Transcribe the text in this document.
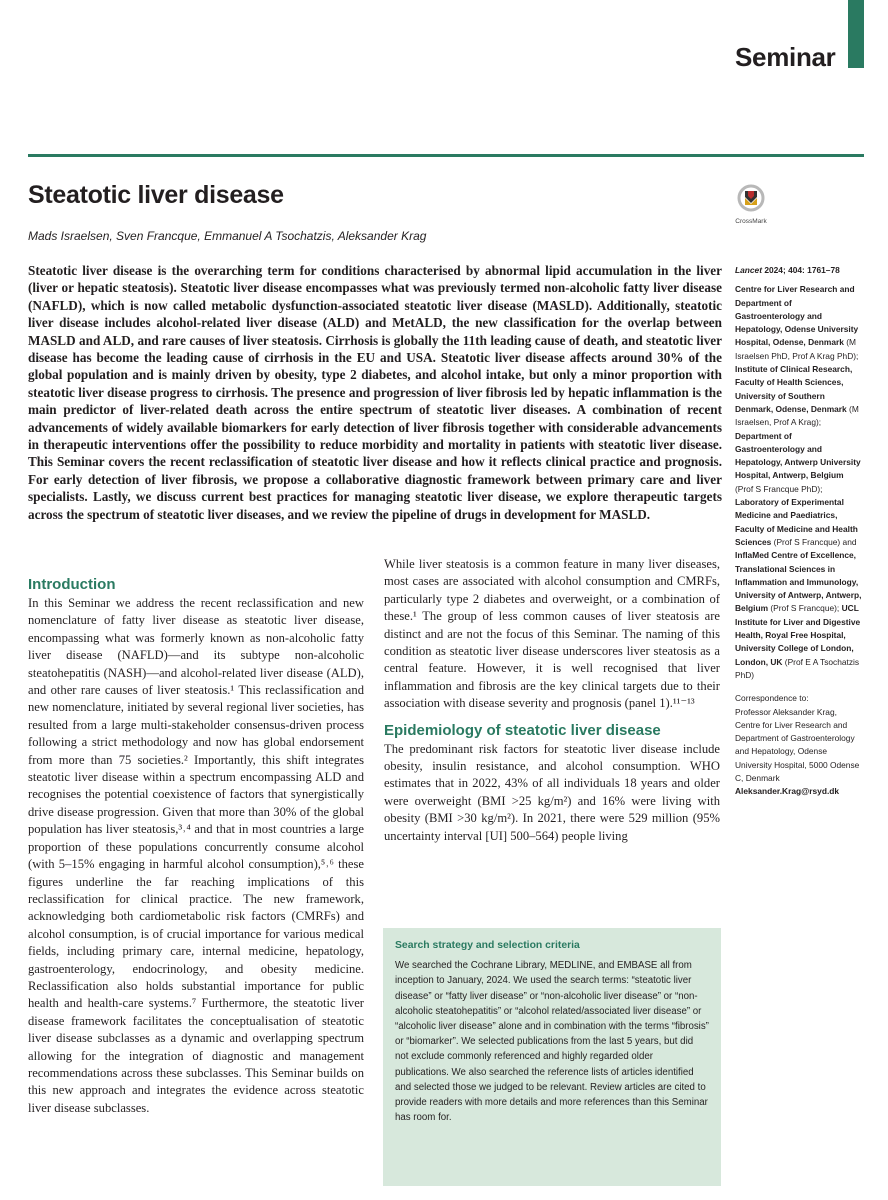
Seminar
Steatotic liver disease
Mads Israelsen, Sven Francque, Emmanuel A Tsochatzis, Aleksander Krag
CrossMark

Steatotic liver disease is the overarching term for conditions characterised by abnormal lipid accumulation in the liver (liver or hepatic steatosis). Steatotic liver disease encompasses what was previously termed non-alcoholic fatty liver disease (NAFLD), which is now called metabolic dysfunction-associated steatotic liver disease (MASLD). Additionally, steatotic liver disease includes alcohol-related liver disease (ALD) and MetALD, the new classification for the overlap between MASLD and ALD, and rare causes of liver steatosis. Cirrhosis is globally the 11th leading cause of death, and steatotic liver disease has become the leading cause of cirrhosis in the EU and USA. Steatotic liver disease affects around 30% of the global population and is mainly driven by obesity, type 2 diabetes, and alcohol intake, but only a minor proportion with steatotic liver disease progress to cirrhosis. The presence and progression of liver fibrosis led by hepatic inflammation is the main predictor of liver-related death across the entire spectrum of steatotic liver diseases. A combination of recent advancements of widely available biomarkers for early detection of liver fibrosis together with considerable advancements in therapeutic interventions offer the possibility to reduce morbidity and mortality in patients with steatotic liver disease. This Seminar covers the recent reclassification of steatotic liver disease and how it reflects clinical practice and prognosis. For early detection of liver fibrosis, we propose a collaborative diagnostic framework between primary care and liver specialists. Lastly, we discuss current best practices for managing steatotic liver disease, we explore therapeutic targets across the spectrum of steatotic liver diseases, and we review the pipeline of drugs in development for MASLD.

Lancet 2024; 404: 1761–78
Centre for Liver Research and Department of Gastroenterology and Hepatology, Odense University Hospital, Odense, Denmark (M Israelsen PhD, Prof A Krag PhD); Institute of Clinical Research, Faculty of Health Sciences, University of Southern Denmark, Odense, Denmark (M Israelsen, Prof A Krag); Department of Gastroenterology and Hepatology, Antwerp University Hospital, Antwerp, Belgium (Prof S Francque PhD); Laboratory of Experimental Medicine and Paediatrics, Faculty of Medicine and Health Sciences (Prof S Francque) and InflaMed Centre of Excellence, Translational Sciences in Inflammation and Immunology, University of Antwerp, Antwerp, Belgium (Prof S Francque); UCL Institute for Liver and Digestive Health, Royal Free Hospital, University College of London, London, UK (Prof E A Tsochatzis PhD)
Correspondence to:
Professor Aleksander Krag, Centre for Liver Research and Department of Gastroenterology and Hepatology, Odense University Hospital, 5000 Odense C, Denmark
Aleksander.Krag@rsyd.dk
Introduction

In this Seminar we address the recent reclassification and new nomenclature of fatty liver disease as steatotic liver disease, encompassing what was formerly known as non-alcoholic fatty liver disease (NAFLD)—and its subtype non-alcoholic steatohepatitis (NASH)—and alcohol-related liver disease (ALD), and other rare causes of liver steatosis.¹ This reclassification and new nomenclature, initiated by several regional liver societies, has resulted from a large multi-stakeholder consensus-driven process following a strict methodology and now has global endorsement from more than 75 societies.² Importantly, this shift integrates steatotic liver disease within a spectrum encompassing ALD and recognises the potential coexistence of factors that synergistically drive disease progression. Given that more than 30% of the global population has liver steatosis,³˒⁴ and that in most countries a large proportion of these populations concurrently consume alcohol (with 5–15% engaging in harmful alcohol consumption),⁵˒⁶ these figures underline the far reaching implications of this reclassification for clinical practice. The new framework, acknowledging both cardiometabolic risk factors (CMRFs) and alcohol consumption, is of crucial importance for various medical fields, including primary care, internal medicine, hepatology, gastroenterology, endocrinology, and obesity medicine. Reclassification also holds substantial importance for public health and health-care systems.⁷ Furthermore, the steatotic liver disease framework facilitates the conceptualisation of steatotic liver disease subclasses as a dynamic and overlapping spectrum allowing for the integration of diagnostic and management recommendations across these subclasses. This Seminar builds on this new approach and integrates the evidence across steatotic liver disease subclasses.

While liver steatosis is a common feature in many liver diseases, most cases are associated with alcohol consumption and CMRFs, particularly type 2 diabetes and overweight, or a combination of these.¹ The group of less common causes of liver steatosis are distinct and are not the focus of this Seminar. The naming of this condition as steatotic liver disease underscores liver steatosis as a central feature. However, it is well recognised that liver inflammation and fibrosis are the key clinical targets due to their association with disease severity and prognosis (panel 1).¹¹⁻¹³

Epidemiology of steatotic liver disease

The predominant risk factors for steatotic liver disease include obesity, insulin resistance, and alcohol consumption. WHO estimates that in 2022, 43% of all individuals 18 years and older were overweight (BMI >25 kg/m²) and 16% were living with obesity (BMI >30 kg/m²). In 2021, there were 529 million (95% uncertainty interval [UI] 500–564) people living

Search strategy and selection criteria
We searched the Cochrane Library, MEDLINE, and EMBASE all from inception to January, 2024. We used the search terms: “steatotic liver disease” or “fatty liver disease” or “non-alcoholic liver disease” or “non-alcoholic steatohepatitis” or “alcohol related/associated liver disease” or “alcoholic liver disease” alone and in combination with the terms “fibrosis” or “biomarker”. We selected publications from the last 5 years, but did not exclude commonly referenced and highly regarded older publications. We also searched the reference lists of articles identified and selected those we judged to be relevant. Review articles are cited to provide readers with more details and more references than this Seminar has room for.
